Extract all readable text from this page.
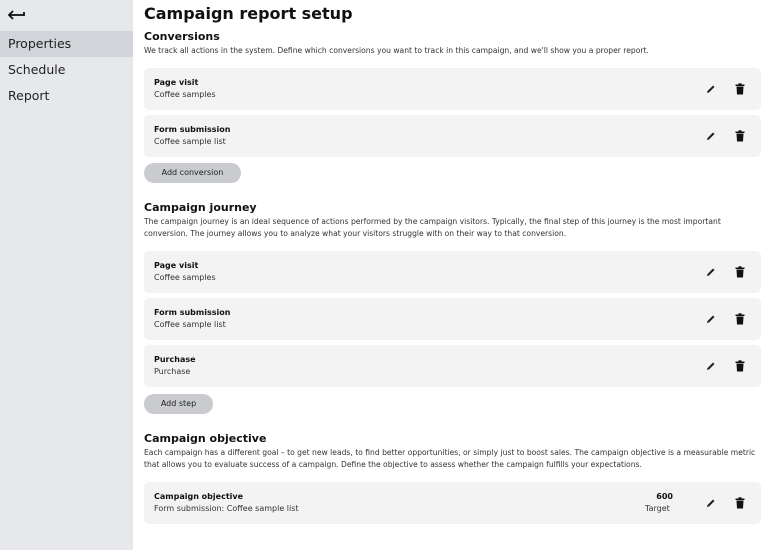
Properties
Schedule
Report
Campaign report setup
Conversions
We track all actions in the system. Define which conversions you want to track in this campaign, and we'll show you a proper report.
Page visit
Coffee samples
Form submission
Coffee sample list
Add conversion
Campaign journey
The campaign journey is an ideal sequence of actions performed by the campaign visitors. Typically, the final step of this journey is the most important conversion. The journey allows you to analyze what your visitors struggle with on their way to that conversion.
Page visit
Coffee samples
Form submission
Coffee sample list
Purchase
Purchase
Add step
Campaign objective
Each campaign has a different goal – to get new leads, to find better opportunities, or simply just to boost sales. The campaign objective is a measurable metric that allows you to evaluate success of a campaign. Define the objective to assess whether the campaign fulfills your expectations.
Campaign objective
Form submission: Coffee sample list
600
Target
